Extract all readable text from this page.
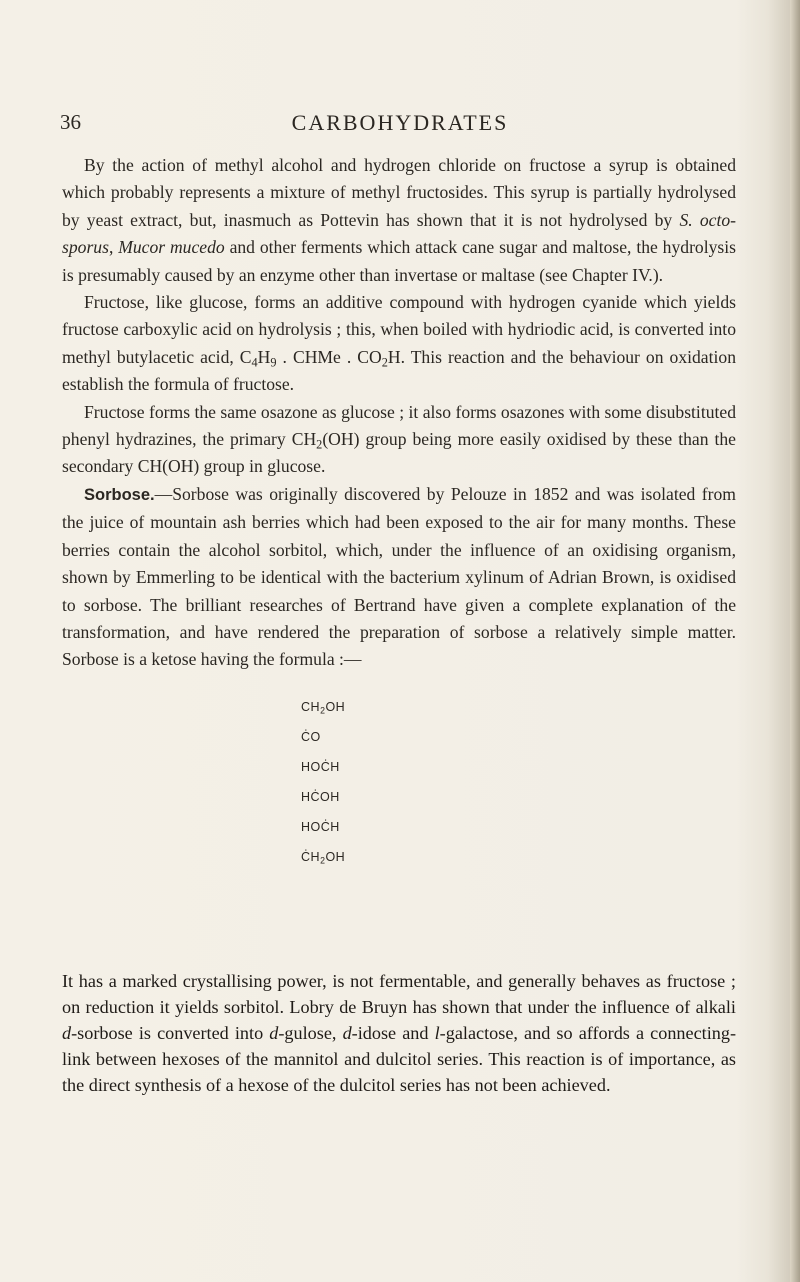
36	CARBOHYDRATES

By the action of methyl alcohol and hydrogen chloride on fructose a syrup is obtained which probably represents a mixture of methyl fructosides. This syrup is partially hydrolysed by yeast extract, but, inasmuch as Pottevin has shown that it is not hydrolysed by S. octo-sporus, Mucor mucedo and other ferments which attack cane sugar and maltose, the hydrolysis is presumably caused by an enzyme other than invertase or maltase (see Chapter IV.).

Fructose, like glucose, forms an additive compound with hydrogen cyanide which yields fructose carboxylic acid on hydrolysis ; this, when boiled with hydriodic acid, is converted into methyl butylacetic acid, $C_4H_9$ . CHMe . $CO_2H$. This reaction and the behaviour on oxidation establish the formula of fructose.

Fructose forms the same osazone as glucose ; it also forms osazones with some disubstituted phenyl hydrazines, the primary $CH_2(OH)$ group being more easily oxidised by these than the secondary CH(OH) group in glucose.

Sorbose.—Sorbose was originally discovered by Pelouze in 1852 and was isolated from the juice of mountain ash berries which had been exposed to the air for many months. These berries contain the alcohol sorbitol, which, under the influence of an oxidising organism, shown by Emmerling to be identical with the bacterium xylinum of Adrian Brown, is oxidised to sorbose. The brilliant researches of Bertrand have given a complete explanation of the transformation, and have rendered the preparation of sorbose a relatively simple matter. Sorbose is a ketose having the formula :—

$CH_2OH$
ĊO
HOĊH
HĊOH
HOĊH
$ĊH_2OH$

It has a marked crystallising power, is not fermentable, and generally behaves as fructose ; on reduction it yields sorbitol. Lobry de Bruyn has shown that under the influence of alkali d-sorbose is converted into d-gulose, d-idose and l-galactose, and so affords a connecting-link between hexoses of the mannitol and dulcitol series. This reaction is of importance, as the direct synthesis of a hexose of the dulcitol series has not been achieved.
